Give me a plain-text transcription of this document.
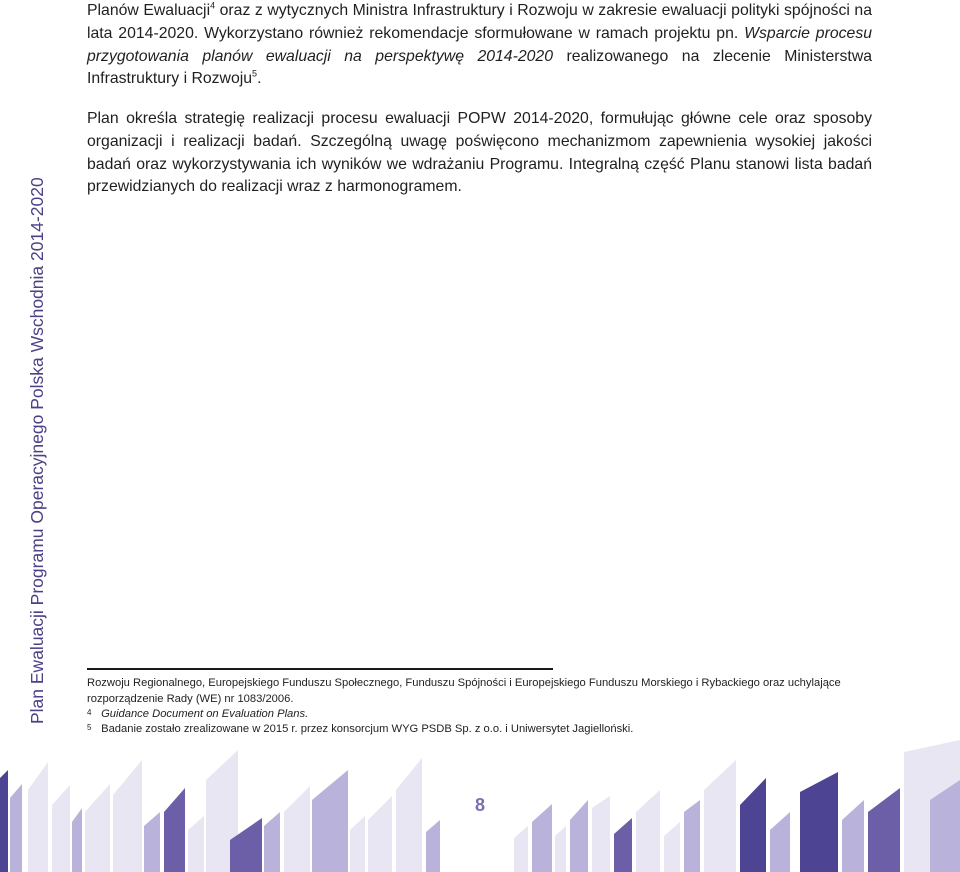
Planów Ewaluacji$^4$ oraz z wytycznych Ministra Infrastruktury i Rozwoju w zakresie ewaluacji polityki spójności na lata 2014-2020. Wykorzystano również rekomendacje sformułowane w ramach projektu pn. Wsparcie procesu przygotowania planów ewaluacji na perspektywę 2014-2020 realizowanego na zlecenie Ministerstwa Infrastruktury i Rozwoju$^5$.
Plan określa strategię realizacji procesu ewaluacji POPW 2014-2020, formułując główne cele oraz sposoby organizacji i realizacji badań. Szczególną uwagę poświęcono mechanizmom zapewnienia wysokiej jakości badań oraz wykorzystywania ich wyników we wdrażaniu Programu. Integralną część Planu stanowi lista badań przewidzianych do realizacji wraz z harmonogramem.
Plan Ewaluacji Programu Operacyjnego Polska Wschodnia 2014-2020	Rozwoju Regionalnego, Europejskiego Funduszu Społecznego, Funduszu Spójności i Europejskiego Funduszu Morskiego i Rybackiego oraz uchylające rozporządzenie Rady (WE) nr 1083/2006.
4 Guidance Document on Evaluation Plans.
5 Badanie zostało zrealizowane w 2015 r. przez konsorcjum WYG PSDB Sp. z o.o. i Uniwersytet Jagielloński.
8
